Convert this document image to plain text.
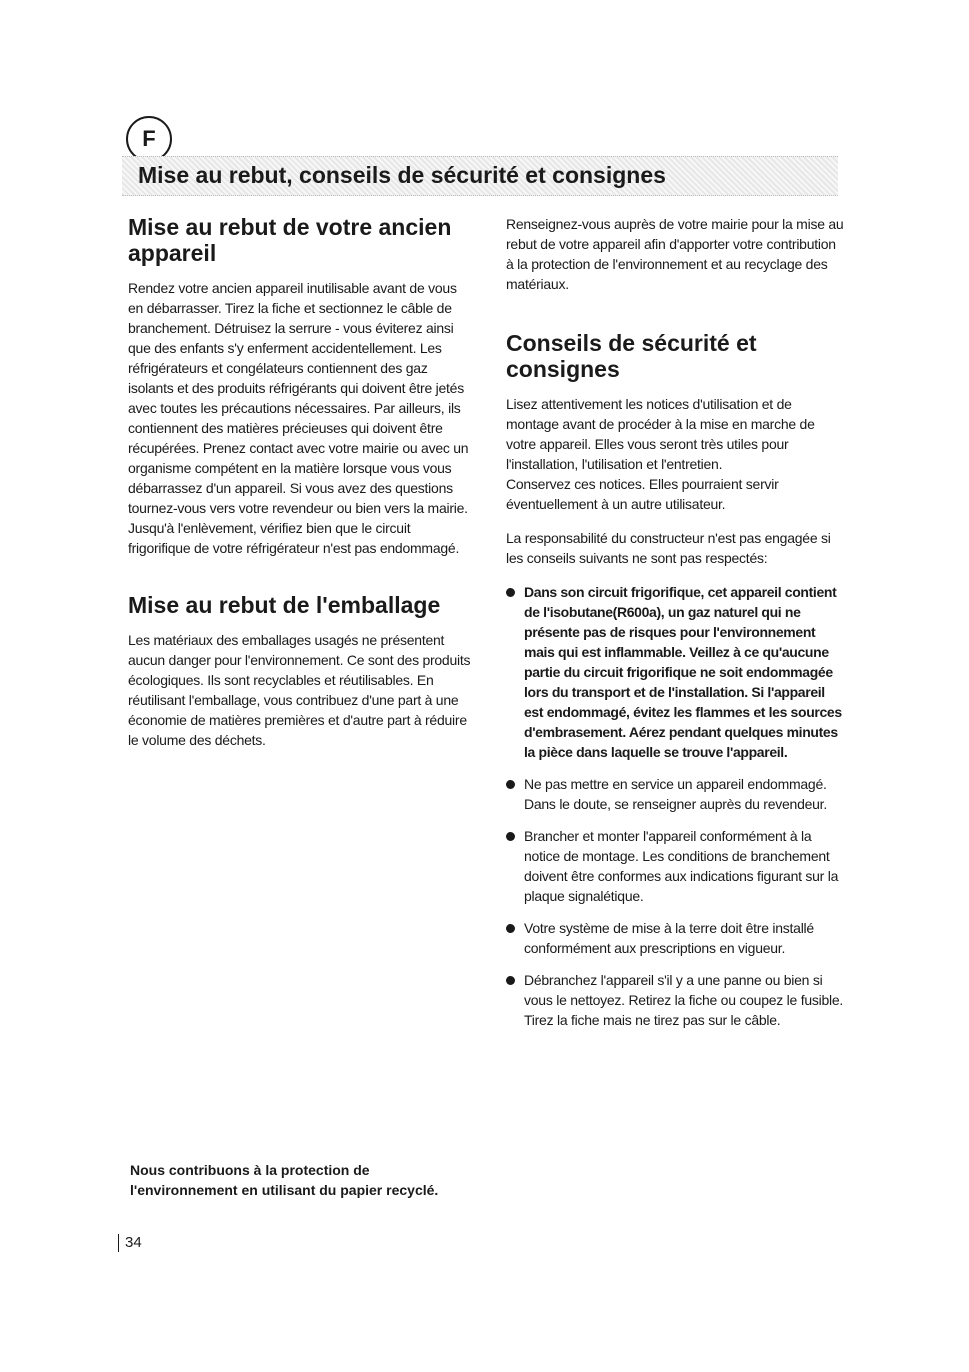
F
Mise au rebut, conseils de sécurité et consignes
Mise au rebut de votre ancien appareil

Rendez votre ancien appareil inutilisable avant de vous en débarrasser. Tirez la fiche et sectionnez le câble de branchement. Détruisez la serrure - vous éviterez ainsi que des enfants s'y enferment accidentellement. Les réfrigérateurs et congélateurs contiennent des gaz isolants et des produits réfrigérants qui doivent être jetés avec toutes les précautions nécessaires. Par ailleurs, ils contiennent des matières précieuses qui doivent être récupérées. Prenez contact avec votre mairie ou avec un organisme compétent en la matière lorsque vous vous débarrassez d'un appareil. Si vous avez des questions tournez-vous vers votre revendeur ou bien vers la mairie.

Jusqu'à l'enlèvement, vérifiez bien que le circuit frigorifique de votre réfrigérateur n'est pas endommagé.

Mise au rebut de l'emballage

Les matériaux des emballages usagés ne présentent aucun danger pour l'environnement. Ce sont des produits écologiques. Ils sont recyclables et réutilisables. En réutilisant l'emballage, vous contribuez d'une part à une économie de matières premières et d'autre part à réduire le volume des déchets.

Renseignez-vous auprès de votre mairie pour la mise au rebut de votre appareil afin d'apporter votre contribution à la protection de l'environnement et au recyclage des matériaux.

Conseils de sécurité et consignes

Lisez attentivement les notices d'utilisation et de montage avant de procéder à la mise en marche de votre appareil. Elles vous seront très utiles pour l'installation, l'utilisation et l'entretien.

Conservez ces notices. Elles pourraient servir éventuellement à un autre utilisateur.

La responsabilité du constructeur n'est pas engagée si les conseils suivants ne sont pas respectés:

Dans son circuit frigorifique, cet appareil contient de l'isobutane(R600a), un gaz naturel qui ne présente pas de risques pour l'environnement mais qui est inflammable. Veillez à ce qu'aucune partie du circuit frigorifique ne soit endommagée lors du transport et de l'installation. Si l'appareil est endommagé, évitez les flammes et les sources d'embrasement. Aérez pendant quelques minutes la pièce dans laquelle se trouve l'appareil.
Ne pas mettre en service un appareil endommagé. Dans le doute, se renseigner auprès du revendeur.
Brancher et monter l'appareil conformément à la notice de montage. Les conditions de branchement doivent être conformes aux indications figurant sur la plaque signalétique.
Votre système de mise à la terre doit être installé conformément aux prescriptions en vigueur.
Débranchez l'appareil s'il y a une panne ou bien si vous le nettoyez. Retirez la fiche ou coupez le fusible. Tirez la fiche mais ne tirez pas sur le câble.
Nous contribuons à la protection de l'environnement en utilisant du papier recyclé.
34
